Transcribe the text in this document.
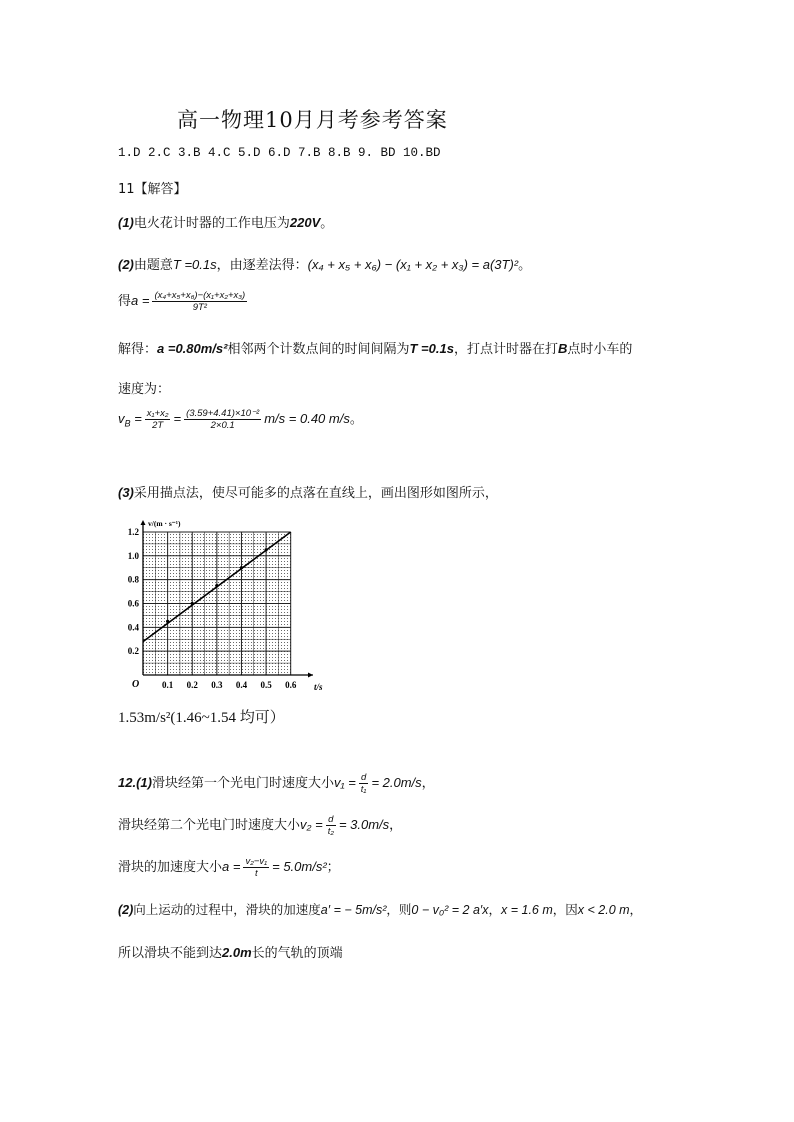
高一物理10月月考参考答案
1.D 2.C 3.B 4.C 5.D 6.D 7.B 8.B 9. BD 10.BD
11【解答】
(1)电火花计时器的工作电压为220V。
(2)由题意T =0.1s，由逐差法得：(x₄ + x₅ + x₆) − (x₁ + x₂ + x₃) = a(3T)²。
得$a = \frac{\text{(x₄+x₅+x₆)−(x₁+x₂+x₃)}}{\text{9T²}}$
解得：a =0.80m/s²相邻两个计数点间的时间间隔为T =0.1s，打点计时器在打B点时小车的
速度为：
$v_B = \frac{\text{x₁+x₂}}{2T} = \frac{\text{(3.59+4.41)×10⁻²}}{2\times 0.1} m/s = 0.40$ m/s。
(3)采用描点法，使尽可能多的点落在直线上，画出图形如图所示，
0.1 0.2 0.3 0.4 0.5 0.6
0.2
0.4
0.6
0.8
1.0
1.2
v/(m · s⁻¹)
t/s
O
1.53m/s²(1.46~1.54 均可）
12.(1)滑块经第一个光电门时速度大小$v_1 = \frac{d}{\text{t₁}} = 2.0m/s$，
滑块经第二个光电门时速度大小$v_2 = \frac{d}{\text{t₂}} = 3.0m/s$，
滑块的加速度大小$a = \frac{\text{v₂−v₁}}{t} = 5.0m/s^2$；
(2)向上运动的过程中，滑块的加速度a′ = − 5m/s²，则0 − v₀² = 2 a′x，x = 1.6 m，因x < 2.0 m，
所以滑块不能到达2.0m长的气轨的顶端
